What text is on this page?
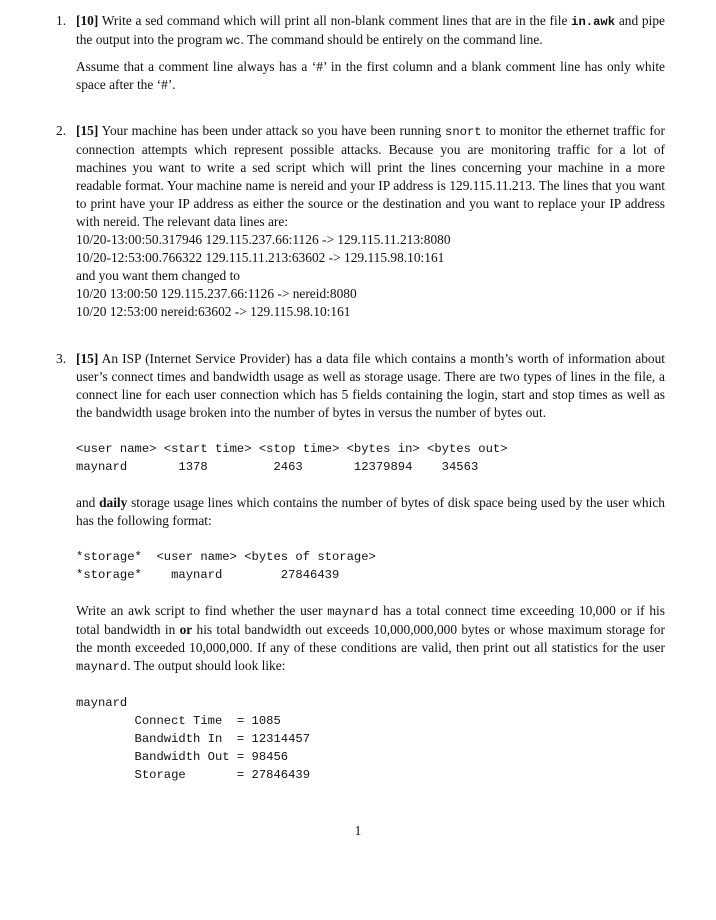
1. [10] Write a sed command which will print all non-blank comment lines that are in the file in.awk and pipe the output into the program wc. The command should be entirely on the command line.

Assume that a comment line always has a ‘#’ in the first column and a blank comment line has only white space after the ‘#’.

2. [15] Your machine has been under attack so you have been running snort to monitor the ethernet traffic for connection attempts which represent possible attacks. Because you are monitoring traffic for a lot of machines you want to write a sed script which will print the lines concerning your machine in a more readable format. Your machine name is nereid and your IP address is 129.115.11.213. The lines that you want to print have your IP address as either the source or the destination and you want to replace your IP address with nereid. The relevant data lines are:

10/20-13:00:50.317946 129.115.237.66:1126 -> 129.115.11.213:8080
10/20-12:53:00.766322 129.115.11.213:63602 -> 129.115.98.10:161
and you want them changed to
10/20 13:00:50 129.115.237.66:1126 -> nereid:8080
10/20 12:53:00 nereid:63602 -> 129.115.98.10:161
3. [15] An ISP (Internet Service Provider) has a data file which contains a month’s worth of information about user’s connect times and bandwidth usage as well as storage usage. There are two types of lines in the file, a connect line for each user connection which has 5 fields containing the login, start and stop times as well as the bandwidth usage broken into the number of bytes in versus the number of bytes out.

<user name> <start time> <stop time> <bytes in> <bytes out>
maynard       1378         2463       12379894    34563

and daily storage usage lines which contains the number of bytes of disk space being used by the user which has the following format:

*storage*  <user name> <bytes of storage>
*storage*    maynard        27846439

Write an awk script to find whether the user maynard has a total connect time exceeding 10,000 or if his total bandwidth in or his total bandwidth out exceeds 10,000,000,000 bytes or whose maximum storage for the month exceeded 10,000,000. If any of these conditions are valid, then print out all statistics for the user maynard. The output should look like:

maynard
Connect Time  = 1085
Bandwidth In  = 12314457
Bandwidth Out = 98456
Storage       = 27846439
1
